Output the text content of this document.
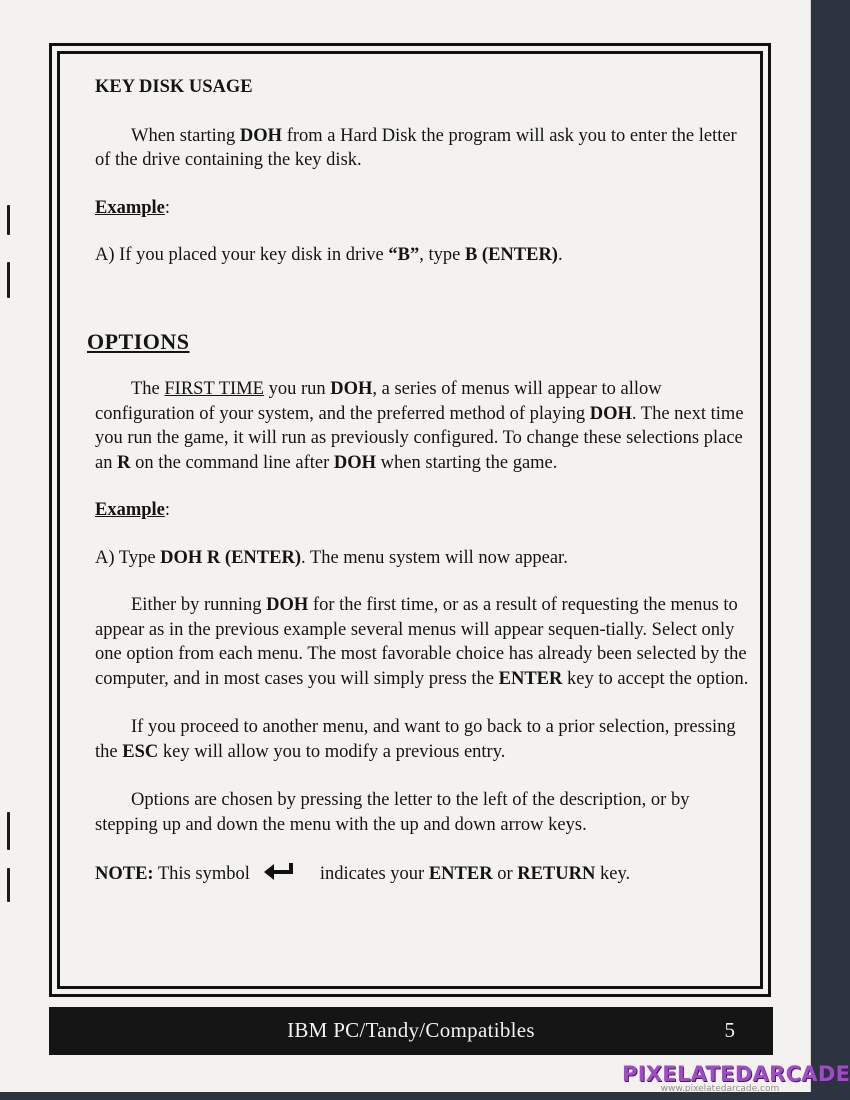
KEY DISK USAGE

When starting DOH from a Hard Disk the program will ask you to enter the letter of the drive containing the key disk.

Example:

A) If you placed your key disk in drive “B”, type B (ENTER).

OPTIONS

The FIRST TIME you run DOH, a series of menus will appear to allow configuration of your system, and the preferred method of playing DOH. The next time you run the game, it will run as previously configured. To change these selections place an R on the command line after DOH when starting the game.

Example:

A) Type DOH R (ENTER). The menu system will now appear.

Either by running DOH for the first time, or as a result of requesting the menus to appear as in the previous example several menus will appear sequen-tially. Select only one option from each menu. The most favorable choice has already been selected by the computer, and in most cases you will simply press the ENTER key to accept the option.

If you proceed to another menu, and want to go back to a prior selection, pressing the ESC key will allow you to modify a previous entry.

Options are chosen by pressing the letter to the left of the description, or by stepping up and down the menu with the up and down arrow keys.

NOTE: This symbol	indicates your ENTER or RETURN key.

IBM PC/Tandy/Compatibles	5
PIXELATEDARCADE
www.pixelatedarcade.com
